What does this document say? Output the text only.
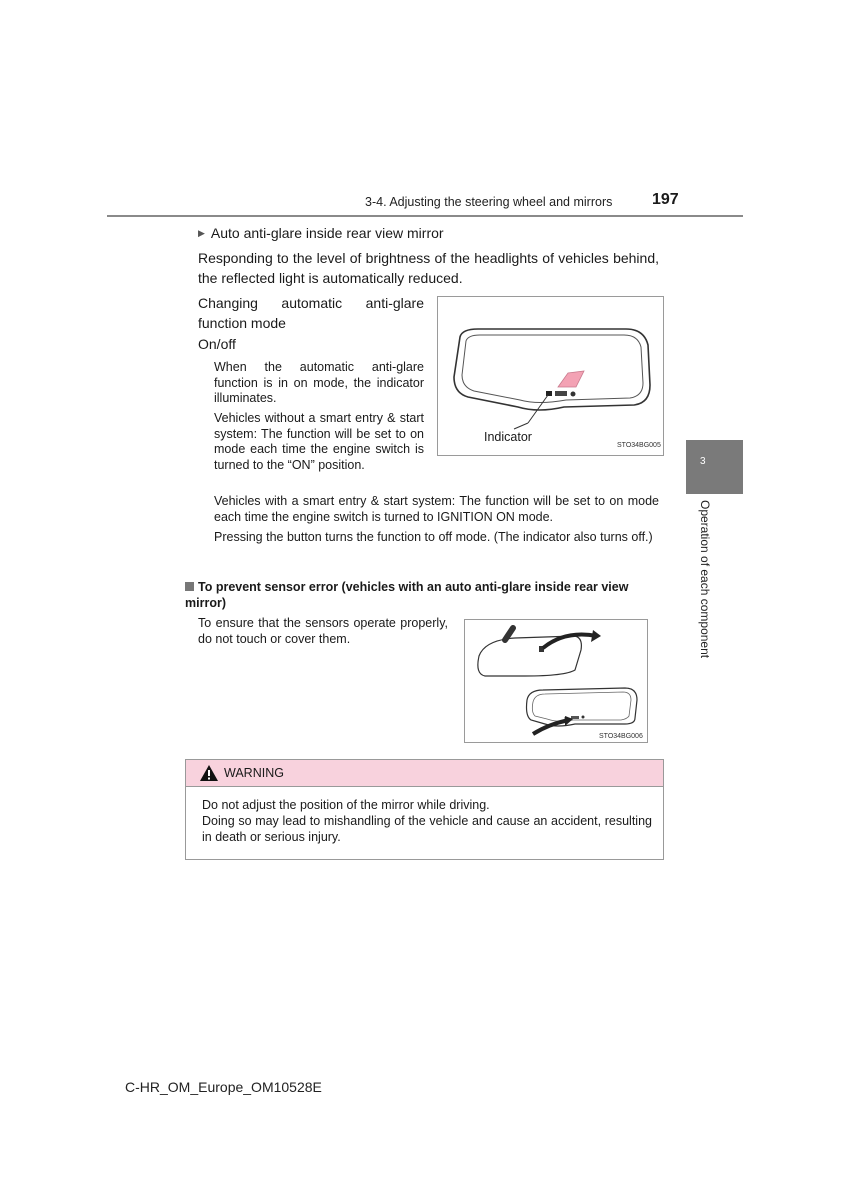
3-4. Adjusting the steering wheel and mirrors 197
3
Operation of each component
▶ Auto anti-glare inside rear view mirror
Responding to the level of brightness of the headlights of vehicles behind, the reflected light is automatically reduced.
Changing automatic anti-glare function mode
On/off
When the automatic anti-glare function is in on mode, the indicator illuminates.
Vehicles without a smart entry & start system: The function will be set to on mode each time the engine switch is turned to the “ON” position.
Vehicles with a smart entry & start system: The function will be set to on mode each time the engine switch is turned to IGNITION ON mode.
Pressing the button turns the function to off mode. (The indicator also turns off.)
Indicator
STO34BG005
To prevent sensor error (vehicles with an auto anti-glare inside rear view mirror)
To ensure that the sensors operate properly, do not touch or cover them.
STO34BG006
WARNING
Do not adjust the position of the mirror while driving.
Doing so may lead to mishandling of the vehicle and cause an accident, resulting in death or serious injury.
C-HR_OM_Europe_OM10528E
